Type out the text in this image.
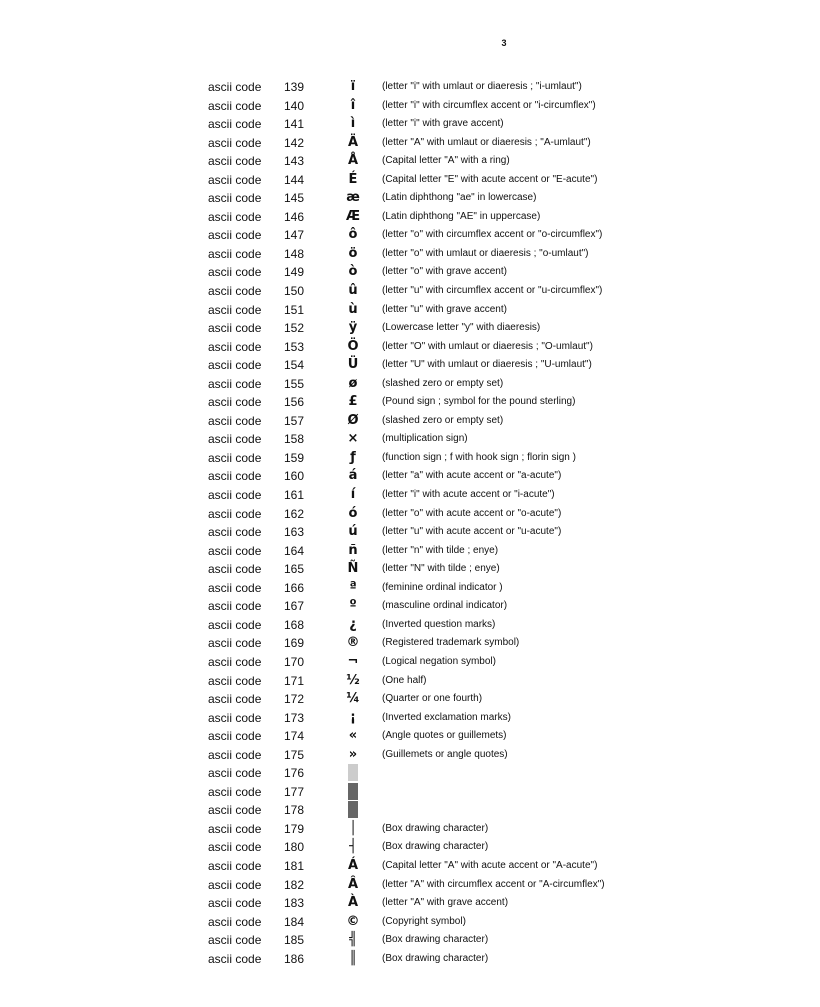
3
ascii code 139	ï	(letter "i" with umlaut or diaeresis ; "i-umlaut")
ascii code 140	î	(letter "i" with circumflex accent or "i-circumflex")
ascii code 141	ì	(letter "i" with grave accent)
ascii code 142	Ä	(letter "A" with umlaut or diaeresis ; "A-umlaut")
ascii code 143	Å	(Capital letter "A" with a ring)
ascii code 144	É	(Capital letter "E" with acute accent or "E-acute")
ascii code 145	æ	(Latin diphthong "ae" in lowercase)
ascii code 146	Æ	(Latin diphthong "AE" in uppercase)
ascii code 147	ô	(letter "o" with circumflex accent or "o-circumflex")
ascii code 148	ö	(letter "o" with umlaut or diaeresis ; "o-umlaut")
ascii code 149	ò	(letter "o" with grave accent)
ascii code 150	û	(letter "u" with circumflex accent or "u-circumflex")
ascii code 151	ù	(letter "u" with grave accent)
ascii code 152	ÿ	(Lowercase letter "y" with diaeresis)
ascii code 153	Ö	(letter "O" with umlaut or diaeresis ; "O-umlaut")
ascii code 154	Ü	(letter "U" with umlaut or diaeresis ; "U-umlaut")
ascii code 155	ø	(slashed zero or empty set)
ascii code 156	£	(Pound sign ; symbol for the pound sterling)
ascii code 157	Ø	(slashed zero or empty set)
ascii code 158	×	(multiplication sign)
ascii code 159	ƒ	(function sign ; f with hook sign ; florin sign )
ascii code 160	á	(letter "a" with acute accent or "a-acute")
ascii code 161	í	(letter "i" with acute accent or "i-acute")
ascii code 162	ó	(letter "o" with acute accent or "o-acute")
ascii code 163	ú	(letter "u" with acute accent or "u-acute")
ascii code 164	ñ	(letter "n" with tilde ; enye)
ascii code 165	Ñ	(letter "N" with tilde ; enye)
ascii code 166	ª	(feminine ordinal indicator )
ascii code 167	º	(masculine ordinal indicator)
ascii code 168	¿	(Inverted question marks)
ascii code 169	®	(Registered trademark symbol)
ascii code 170	¬	(Logical negation symbol)
ascii code 171	½	(One half)
ascii code 172	¼	(Quarter or one fourth)
ascii code 173	¡	(Inverted exclamation marks)
ascii code 174	«	(Angle quotes or guillemets)
ascii code 175	»	(Guillemets or angle quotes)
ascii code 176
ascii code 177
ascii code 178
ascii code 179	│	(Box drawing character)
ascii code 180	┤	(Box drawing character)
ascii code 181	Á	(Capital letter "A" with acute accent or "A-acute")
ascii code 182	Â	(letter "A" with circumflex accent or "A-circumflex")
ascii code 183	À	(letter "A" with grave accent)
ascii code 184	©	(Copyright symbol)
ascii code 185	╣	(Box drawing character)
ascii code 186	║	(Box drawing character)
